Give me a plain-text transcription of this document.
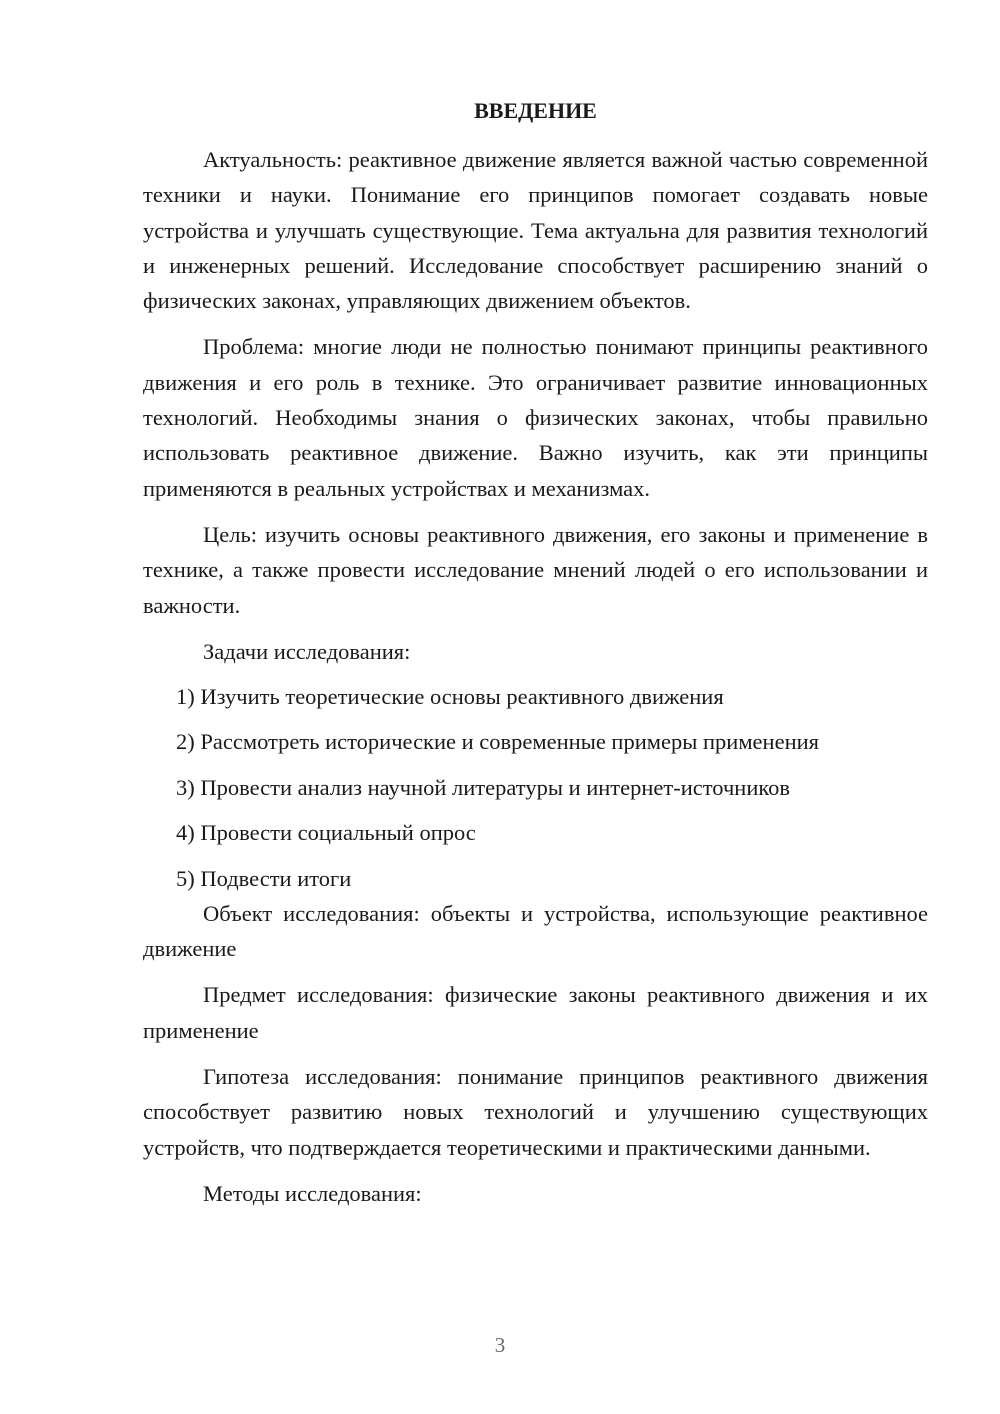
ВВЕДЕНИЕ

Актуальность: реактивное движение является важной частью современной техники и науки. Понимание его принципов помогает создавать новые устройства и улучшать существующие. Тема актуальна для развития технологий и инженерных решений. Исследование способствует расширению знаний о физических законах, управляющих движением объектов.

Проблема: многие люди не полностью понимают принципы реактивного движения и его роль в технике. Это ограничивает развитие инновационных технологий. Необходимы знания о физических законах, чтобы правильно использовать реактивное движение. Важно изучить, как эти принципы применяются в реальных устройствах и механизмах.

Цель: изучить основы реактивного движения, его законы и применение в технике, а также провести исследование мнений людей о его использовании и важности.

Задачи исследования:

1) Изучить теоретические основы реактивного движения
2) Рассмотреть исторические и современные примеры применения
3) Провести анализ научной литературы и интернет-источников
4) Провести социальный опрос
5) Подвести итоги

Объект исследования: объекты и устройства, использующие реактивное движение

Предмет исследования: физические законы реактивного движения и их применение

Гипотеза исследования: понимание принципов реактивного движения способствует развитию новых технологий и улучшению существующих устройств, что подтверждается теоретическими и практическими данными.

Методы исследования:

3
